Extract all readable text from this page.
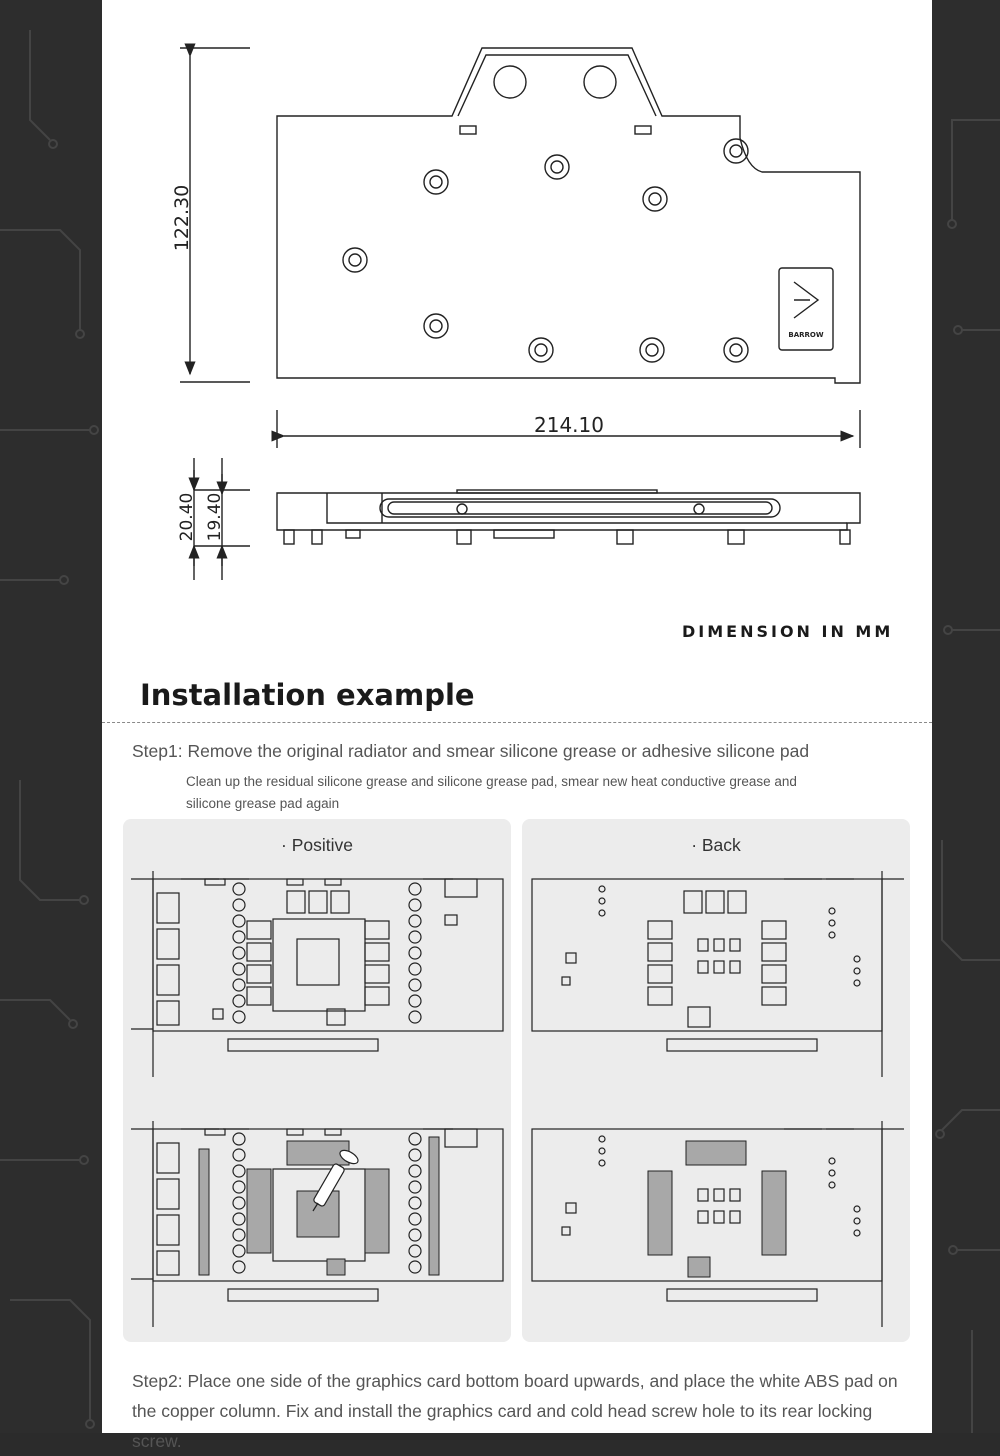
122.30
214.10
20.40 19.40
BARROW
DIMENSION IN MM
Installation example
Step1: Remove the original radiator and smear silicone grease or adhesive silicone pad
Clean up the residual silicone grease and silicone grease pad, smear new heat conductive grease and silicone grease pad again
· Positive	· Back
Step2: Place one side of the graphics card bottom board upwards, and place the white ABS pad on the copper column. Fix and install the graphics card and cold head screw hole to its rear locking screw.
